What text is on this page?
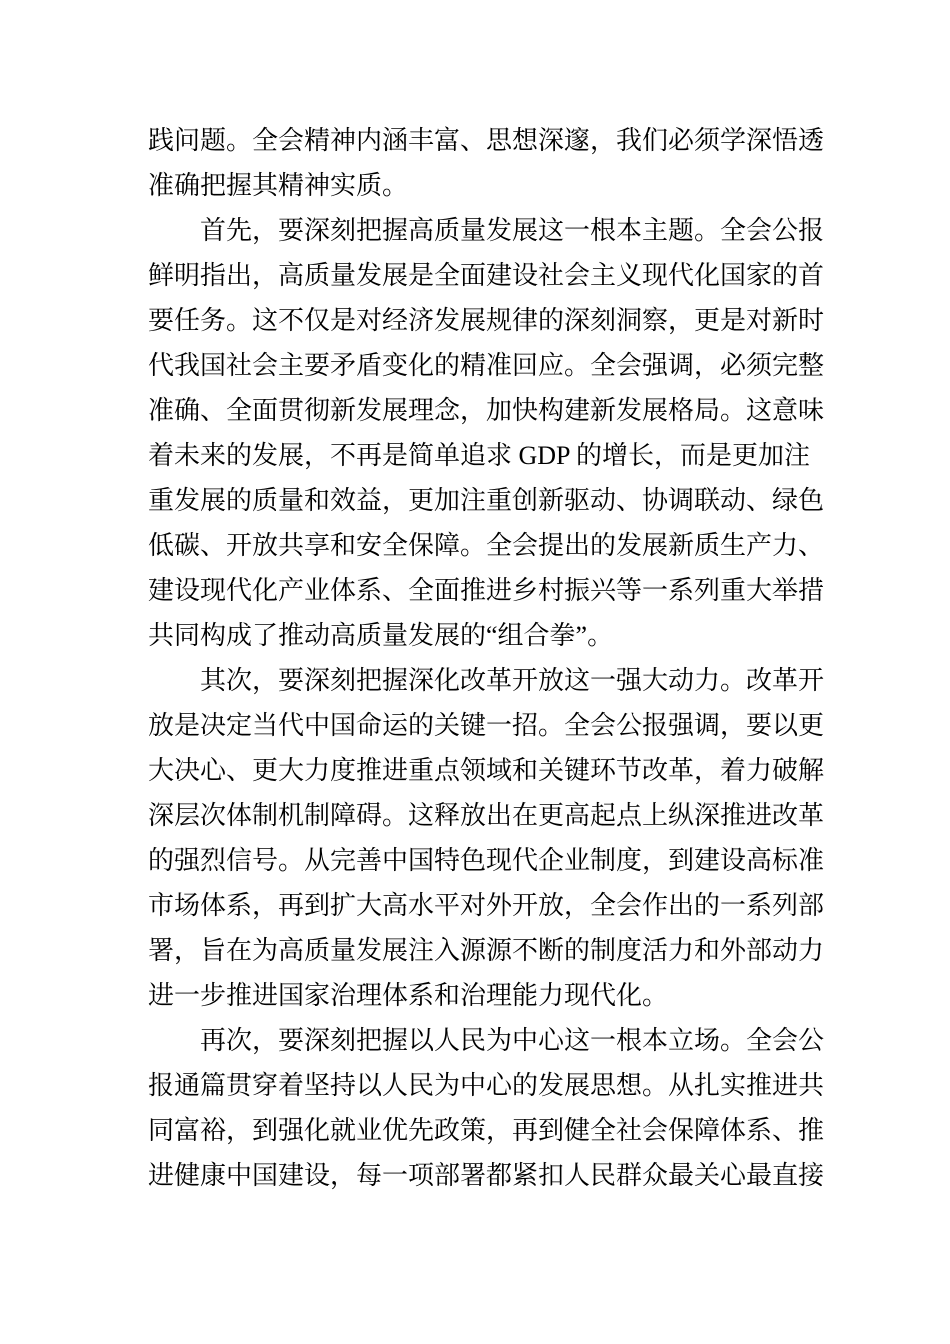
践问题。全会精神内涵丰富、思想深邃，我们必须学深悟透
准确把握其精神实质。
首先，要深刻把握高质量发展这一根本主题。全会公报
鲜明指出，高质量发展是全面建设社会主义现代化国家的首
要任务。这不仅是对经济发展规律的深刻洞察，更是对新时
代我国社会主要矛盾变化的精准回应。全会强调，必须完整
准确、全面贯彻新发展理念，加快构建新发展格局。这意味
着未来的发展，不再是简单追求 GDP 的增长，而是更加注
重发展的质量和效益，更加注重创新驱动、协调联动、绿色
低碳、开放共享和安全保障。全会提出的发展新质生产力、
建设现代化产业体系、全面推进乡村振兴等一系列重大举措
共同构成了推动高质量发展的“组合拳”。
其次，要深刻把握深化改革开放这一强大动力。改革开
放是决定当代中国命运的关键一招。全会公报强调，要以更
大决心、更大力度推进重点领域和关键环节改革，着力破解
深层次体制机制障碍。这释放出在更高起点上纵深推进改革
的强烈信号。从完善中国特色现代企业制度，到建设高标准
市场体系，再到扩大高水平对外开放，全会作出的一系列部
署，旨在为高质量发展注入源源不断的制度活力和外部动力
进一步推进国家治理体系和治理能力现代化。
再次，要深刻把握以人民为中心这一根本立场。全会公
报通篇贯穿着坚持以人民为中心的发展思想。从扎实推进共
同富裕，到强化就业优先政策，再到健全社会保障体系、推
进健康中国建设，每一项部署都紧扣人民群众最关心最直接
